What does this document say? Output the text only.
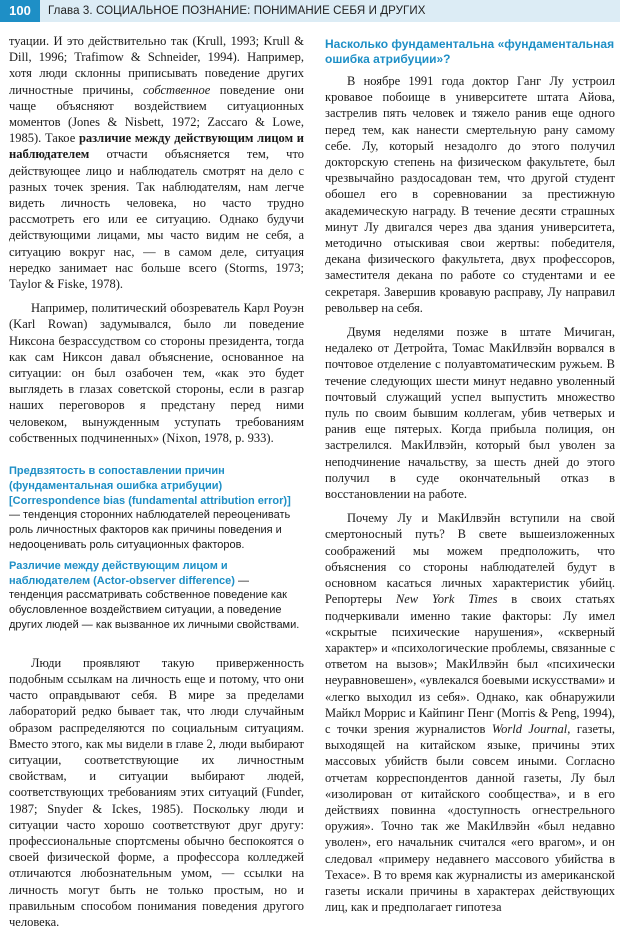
100	Глава 3. СОЦИАЛЬНОЕ ПОЗНАНИЕ: ПОНИМАНИЕ СЕБЯ И ДРУГИХ

туации. И это действительно так (Krull, 1993; Krull & Dill, 1996; Trafimow & Schneider, 1994). Например, хотя люди склонны приписывать поведение других личностные причины, собственное поведение они чаще объясняют воздействием ситуационных моментов (Jones & Nisbett, 1972; Zaccaro & Lowe, 1985). Такое различие между действующим лицом и наблюдателем отчасти объясняется тем, что действующее лицо и наблюдатель смотрят на дело с разных точек зрения. Так наблюдателям, нам легче видеть личность человека, но часто трудно рассмотреть его или ее ситуацию. Однако будучи действующими лицами, мы часто видим не себя, а ситуацию вокруг нас, — в самом деле, ситуация нередко занимает нас больше всего (Storms, 1973; Taylor & Fiske, 1978).

Например, политический обозреватель Карл Роуэн (Karl Rowan) задумывался, было ли поведение Никсона безрассудством со стороны президента, тогда как сам Никсон давал объяснение, основанное на ситуации: он был озабочен тем, «как это будет выглядеть в глазах советской стороны, если в разгар наших переговоров я предстану перед ними человеком, вынужденным уступать требованиям собственных подчиненных» (Nixon, 1978, p. 933).

Предвзятость в сопоставлении причин (фундаментальная ошибка атрибуции) [Correspondence bias (fundamental attribution error)] — тенденция сторонних наблюдателей переоценивать роль личностных факторов как причины поведения и недооценивать роль ситуационных факторов.
Различие между действующим лицом и наблюдателем (Actor-observer difference) — тенденция рассматривать собственное поведение как обусловленное воздействием ситуации, а поведение других людей — как вызванное их личными свойствами.

Люди проявляют такую приверженность подобным ссылкам на личность еще и потому, что они часто оправдывают себя. В мире за пределами лабораторий редко бывает так, что люди случайным образом распределяются по социальным ситуациям. Вместо этого, как мы видели в главе 2, люди выбирают ситуации, соответствующие их личностным свойствам, и ситуации выбирают людей, соответствующих требованиям этих ситуаций (Funder, 1987; Snyder & Ickes, 1985). Поскольку люди и ситуации часто хорошо соответствуют друг другу: профессиональные спортсмены обычно беспокоятся о своей физической форме, а профессора колледжей отличаются любознательным умом, — ссылки на личность могут быть не только простым, но и правильным способом понимания поведения другого человека.

Насколько фундаментальна «фундаментальная ошибка атрибуции»?

В ноябре 1991 года доктор Ганг Лу устроил кровавое побоище в университете штата Айова, застрелив пять человек и тяжело ранив еще одного перед тем, как нанести смертельную рану самому себе. Лу, который незадолго до этого получил докторскую степень на физическом факультете, был чрезвычайно раздосадован тем, что другой студент обошел его в соревновании за престижную академическую награду. В течение десяти страшных минут Лу двигался через два здания университета, методично отыскивая свои жертвы: победителя, декана физического факультета, двух профессоров, заместителя декана по работе со студентами и ее секретаря. Завершив кровавую расправу, Лу направил револьвер на себя.

Двумя неделями позже в штате Мичиган, недалеко от Детройта, Томас МакИлвэйн ворвался в почтовое отделение с полуавтоматическим ружьем. В течение следующих шести минут недавно уволенный почтовый служащий успел выпустить множество пуль по своим бывшим коллегам, убив четверых и ранив еще пятерых. Когда прибыла полиция, он застрелился. МакИлвэйн, который был уволен за неподчинение начальству, за шесть дней до этого получил в суде окончательный отказ в восстановлении на работе.

Почему Лу и МакИлвэйн вступили на свой смертоносный путь? В свете вышеизложенных соображений мы можем предположить, что объяснения со стороны наблюдателей будут в основном касаться личных характеристик убийц. Репортеры New York Times в своих статьях подчеркивали именно такие факторы: Лу имел «скрытые психические нарушения», «скверный характер» и «психологические проблемы, связанные с ответом на вызов»; МакИлвэйн был «психически неуравновешен», «увлекался боевыми искусствами» и «легко выходил из себя». Однако, как обнаружили Майкл Моррис и Кайпинг Пенг (Morris & Peng, 1994), с точки зрения журналистов World Journal, газеты, выходящей на китайском языке, причины этих массовых убийств были совсем иными. Согласно отчетам корреспондентов данной газеты, Лу был «изолирован от китайского сообщества», и в его действиях повинна «доступность огнестрельного оружия». Точно так же МакИлвэйн «был недавно уволен», его начальник считался «его врагом», и он следовал «примеру недавнего массового убийства в Техасе». В то время как журналисты из американской газеты искали причины в характерах действующих лиц, как и предполагает гипотеза
